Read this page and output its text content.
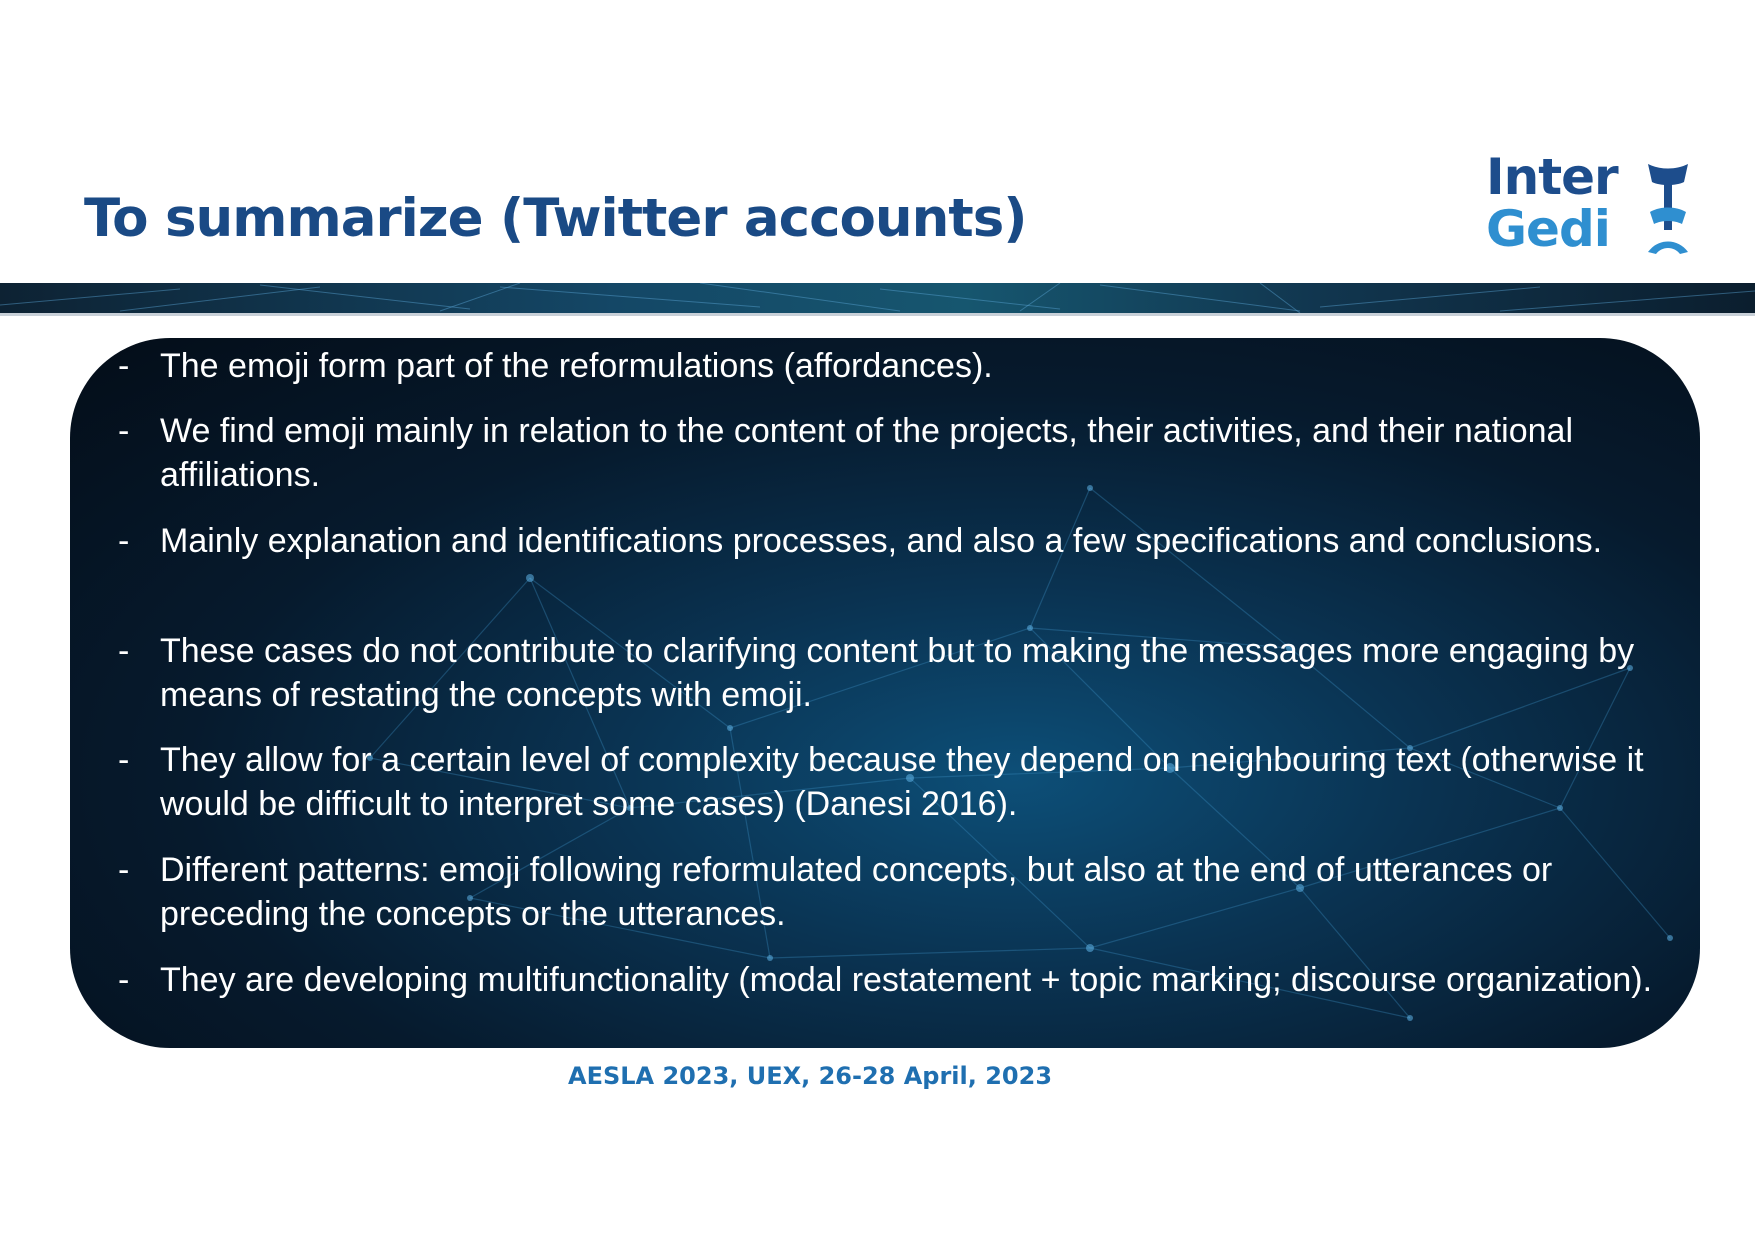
To summarize (Twitter accounts)
Inter
Gedi
- The emoji form part of the reformulations (affordances).
- We find emoji mainly in relation to the content of the projects, their activities, and their national affiliations.
- Mainly explanation and identifications processes, and also a few specifications and conclusions.
- These cases do not contribute to clarifying content but to making the messages more engaging by means of restating the concepts with emoji.
- They allow for a certain level of complexity because they depend on neighbouring text (otherwise it would be difficult to interpret some cases) (Danesi 2016).
- Different patterns: emoji following reformulated concepts, but also at the end of utterances or preceding the concepts or the utterances.
- They are developing multifunctionality (modal restatement + topic marking; discourse organization).
AESLA 2023, UEX, 26-28 April, 2023
